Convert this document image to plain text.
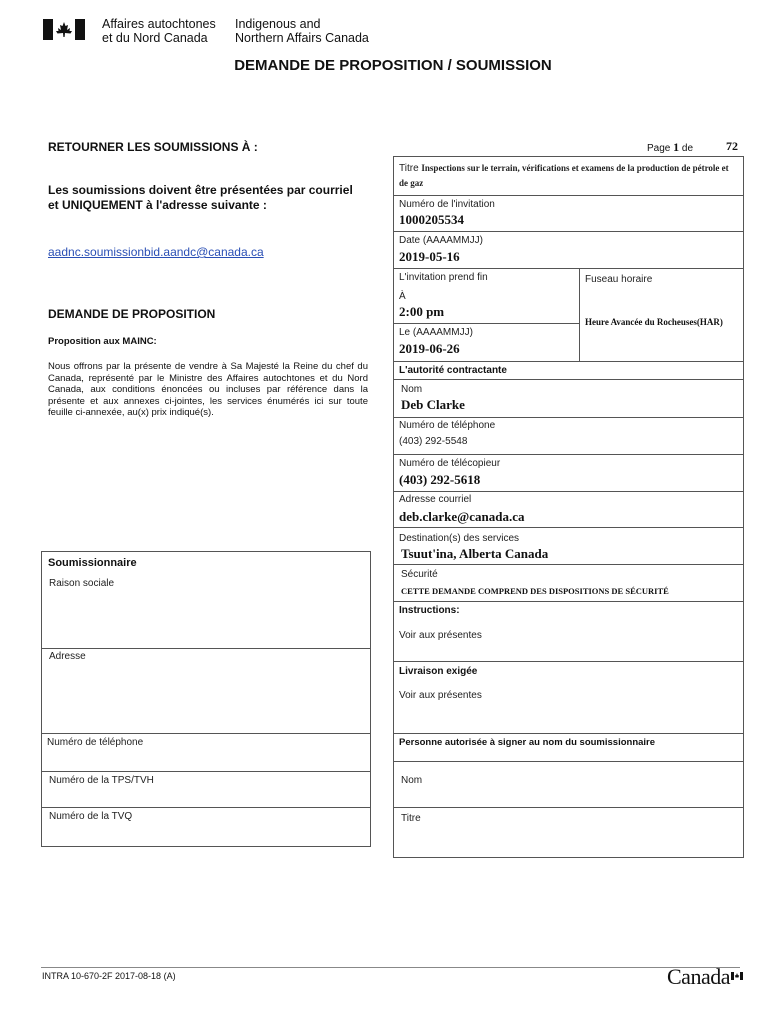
Affaires autochtones
et du Nord Canada
Indigenous and
Northern Affairs Canada
DEMANDE DE PROPOSITION / SOUMISSION
RETOURNER LES SOUMISSIONS À :
Les soumissions doivent être présentées par courriel
et UNIQUEMENT à l'adresse suivante :
aadnc.soumissionbid.aandc@canada.ca
DEMANDE DE PROPOSITION
Proposition aux MAINC:
Nous offrons par la présente de vendre à Sa Majesté la Reine du chef du Canada, représenté par le Ministre des Affaires autochtones et du Nord Canada, aux conditions énoncées ou incluses par référence dans la présente et aux annexes ci-jointes, les services énumérés ici sur toute feuille ci-annexée, au(x) prix indiqué(s).
Soumissionnaire
Raison sociale
Adresse
Numéro de téléphone
Numéro de la TPS/TVH
Numéro de la TVQ
Page 1 de	72
Titre Inspections sur le terrain, vérifications et examens de la production de pétrole et de gaz
Numéro de l'invitation
1000205534
Date (AAAAMMJJ)
2019-05-16
L'invitation prend fin
À
2:00 pm
Le (AAAAMMJJ)
2019-06-26
Fuseau horaire
Heure Avancée du Rocheuses(HAR)
L'autorité contractante
Nom
Deb Clarke
Numéro de téléphone
(403) 292-5548
Numéro de télécopieur
(403) 292-5618
Adresse courriel
deb.clarke@canada.ca
Destination(s) des services
Tsuut'ina, Alberta Canada
Sécurité
CETTE DEMANDE COMPREND DES DISPOSITIONS DE SÉCURITÉ
Instructions:
Voir aux présentes
Livraison exigée
Voir aux présentes
Personne autorisée à signer au nom du soumissionnaire
Nom
Titre
INTRA 10-670-2F 2017-08-18 (A)	Canada
